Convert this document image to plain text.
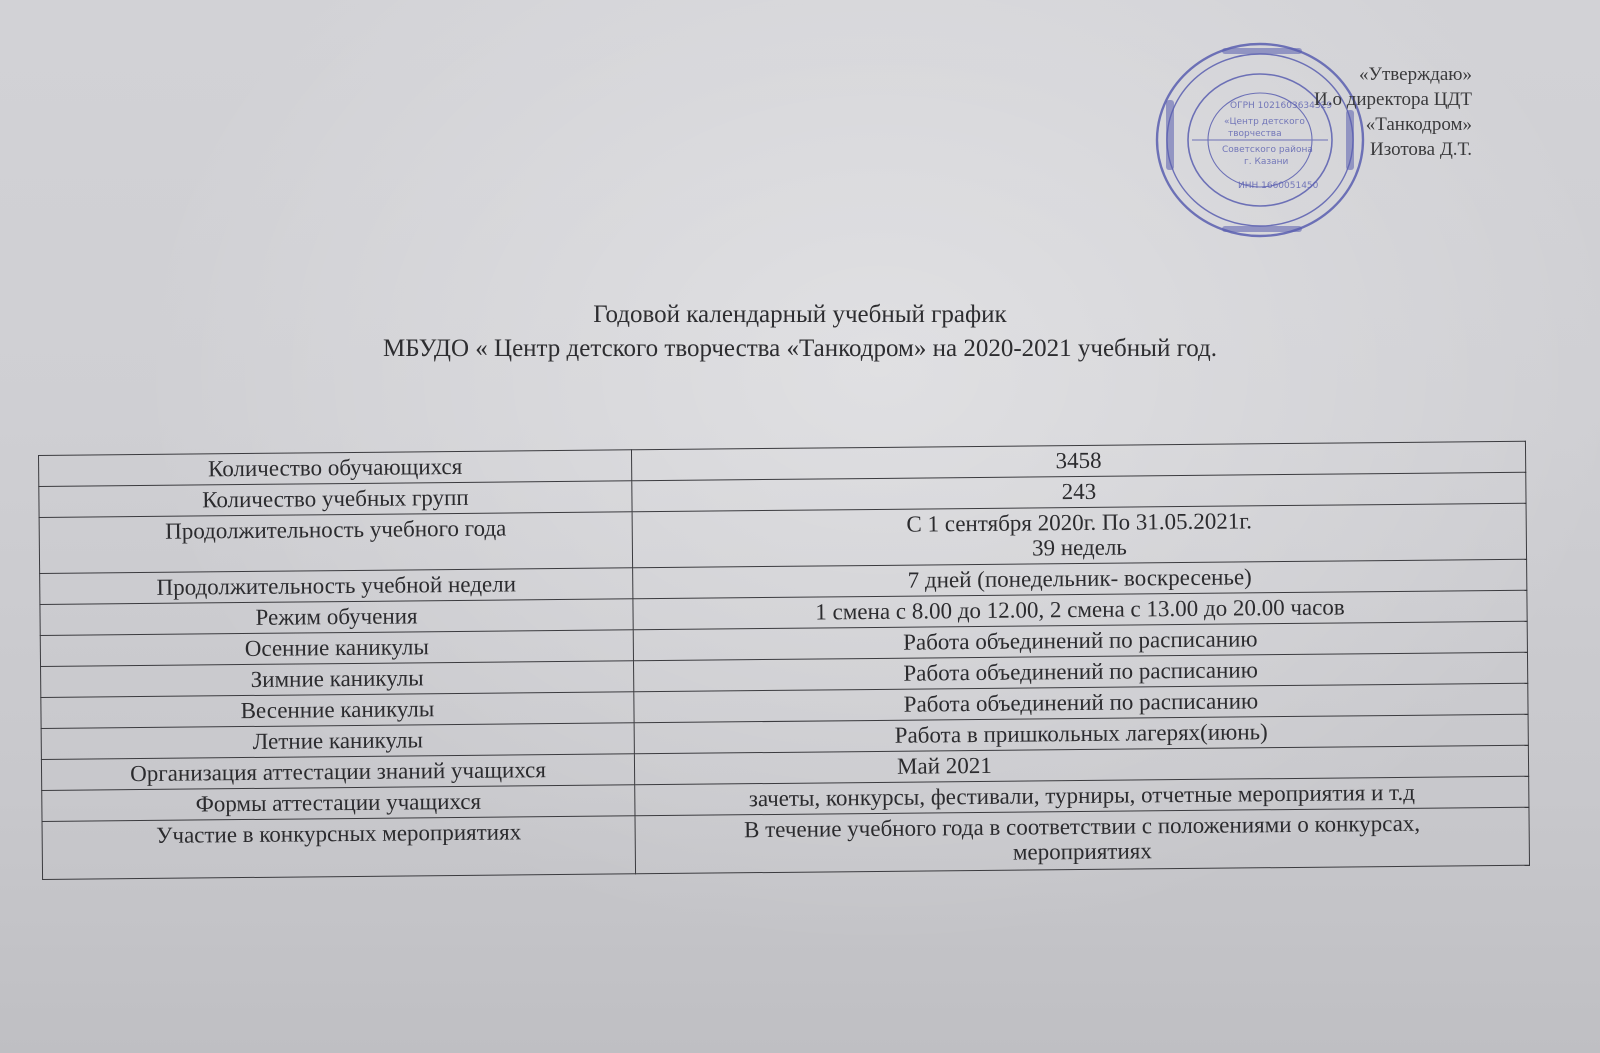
ОГРН 1021603634329
«Центр детского
творчества
Советского района
г. Казани
ИНН 1660051450
«Утверждаю»
И.о директора ЦДТ
«Танкодром»
Изотова Д.Т.
Годовой календарный учебный график
МБУДО « Центр детского творчества «Танкодром» на 2020-2021 учебный год.
Количество обучающихся	3458
Количество учебных групп	243
Продолжительность учебного года	С 1 сентября 2020г. По 31.05.2021г.
39 недель

Продолжительность учебной недели	7 дней (понедельник- воскресенье)
Режим обучения	1 смена с 8.00 до 12.00, 2 смена с 13.00 до 20.00 часов
Осенние каникулы	Работа объединений по расписанию
Зимние каникулы	Работа объединений по расписанию
Весенние каникулы	Работа объединений по расписанию
Летние каникулы	Работа в пришкольных лагерях(июнь)
Организация аттестации знаний учащихся	Май 2021
Формы аттестации учащихся	зачеты, конкурсы, фестивали, турниры, отчетные мероприятия и т.д
Участие в конкурсных мероприятиях	В течение учебного года в соответствии с положениями о конкурсах,
мероприятиях
